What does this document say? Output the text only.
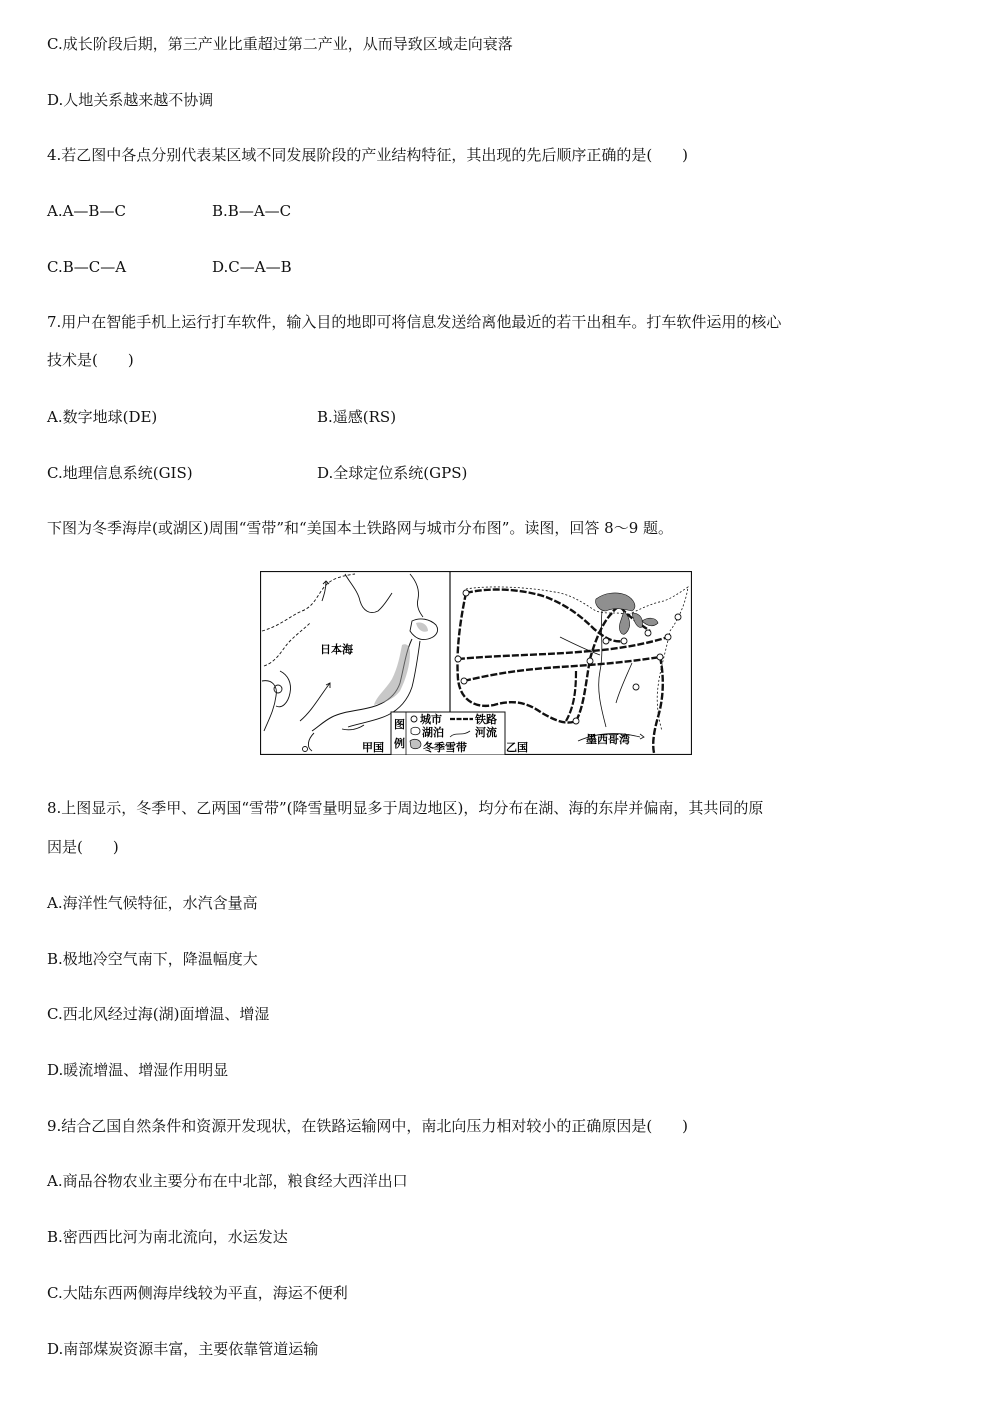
C.成长阶段后期，第三产业比重超过第二产业，从而导致区域走向衰落
D.人地关系越来越不协调
4.若乙图中各点分别代表某区域不同发展阶段的产业结构特征，其出现的先后顺序正确的是(　　)
A.A—B—C	B.B—A—C
C.B—C—A	D.C—A—B
7.用户在智能手机上运行打车软件，输入目的地即可将信息发送给离他最近的若干出租车。打车软件运用的核心
技术是(　　)
A.数字地球(DE)	B.遥感(RS)
C.地理信息系统(GIS)	D.全球定位系统(GPS)
下图为冬季海岸(或湖区)周围“雪带”和“美国本土铁路网与城市分布图”。读图，回答 8～9 题。
日本海
甲国
图
例
城市	铁路
湖泊	河流
冬季雪带	乙国
墨西哥湾
8.上图显示，冬季甲、乙两国“雪带”(降雪量明显多于周边地区)，均分布在湖、海的东岸并偏南，其共同的原
因是(　　)
A.海洋性气候特征，水汽含量高
B.极地冷空气南下，降温幅度大
C.西北风经过海(湖)面增温、增湿
D.暖流增温、增湿作用明显
9.结合乙国自然条件和资源开发现状，在铁路运输网中，南北向压力相对较小的正确原因是(　　)
A.商品谷物农业主要分布在中北部，粮食经大西洋出口
B.密西西比河为南北流向，水运发达
C.大陆东西两侧海岸线较为平直，海运不便利
D.南部煤炭资源丰富，主要依靠管道运输
